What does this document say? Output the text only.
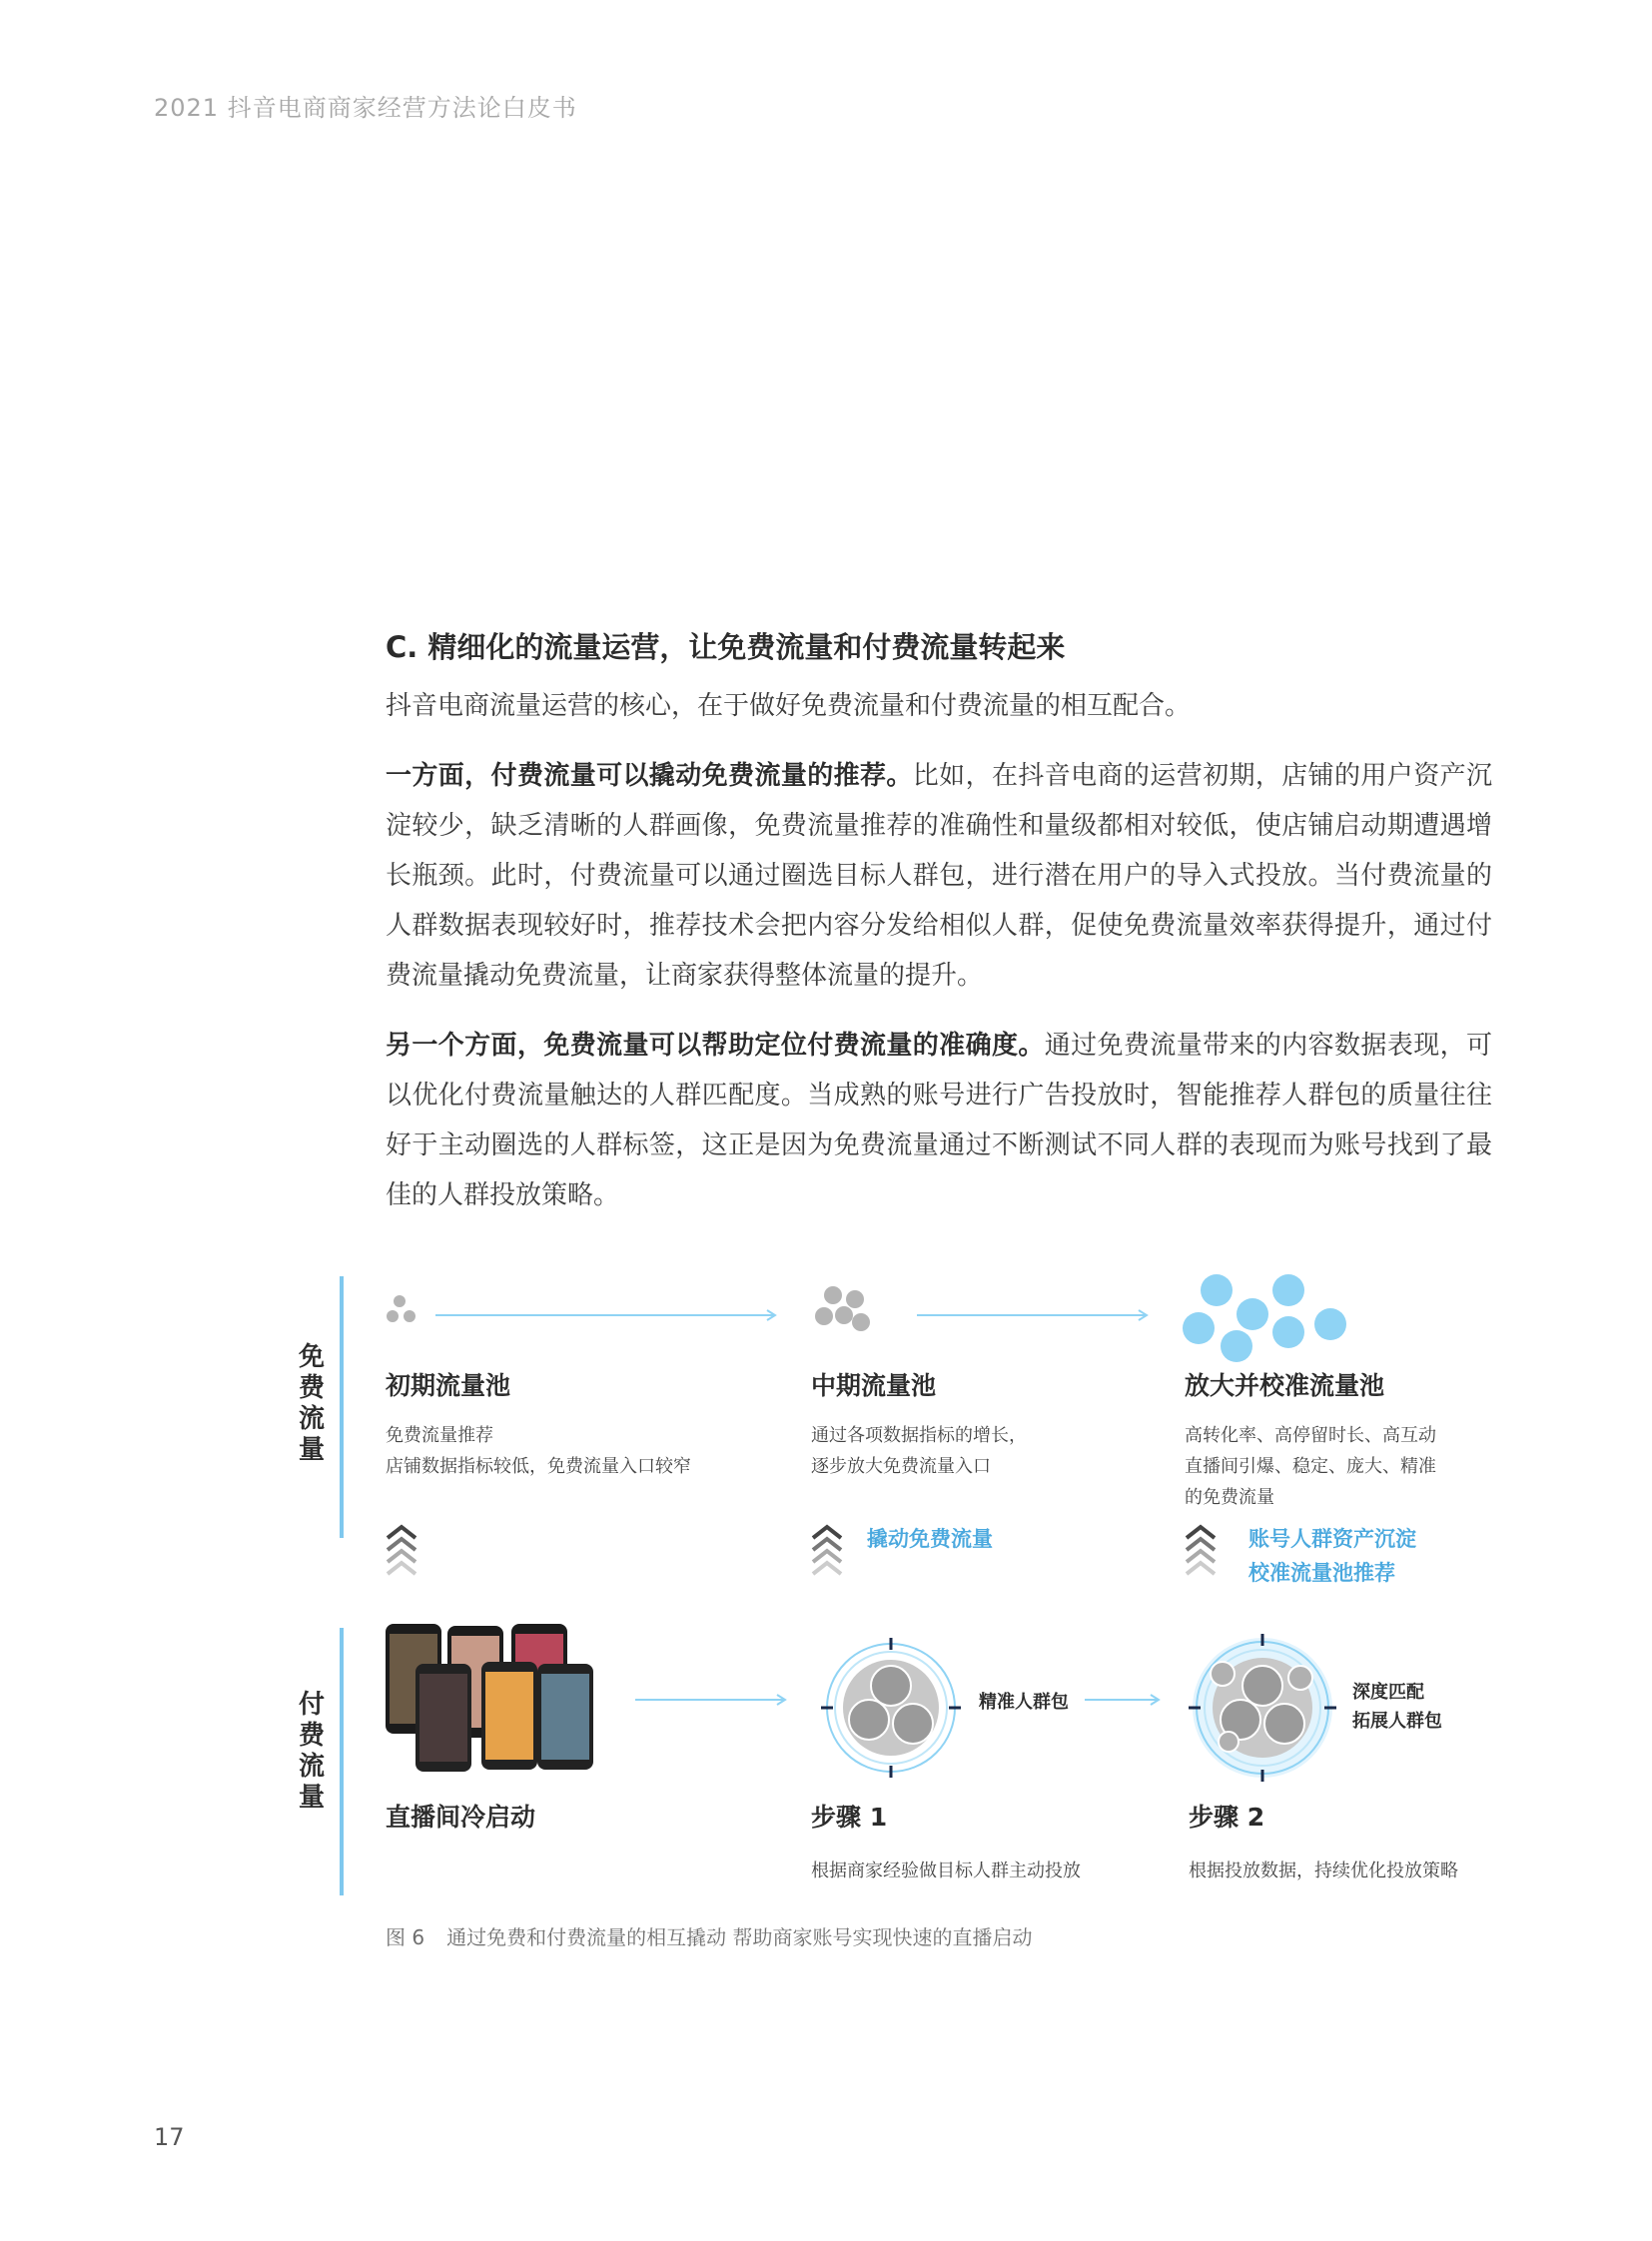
2021 抖音电商商家经营方法论白皮书
C. 精细化的流量运营，让免费流量和付费流量转起来
抖音电商流量运营的核心，在于做好免费流量和付费流量的相互配合。
一方面，付费流量可以撬动免费流量的推荐。比如，在抖音电商的运营初期，店铺的用户资产沉淀较少，缺乏清晰的人群画像，免费流量推荐的准确性和量级都相对较低，使店铺启动期遭遇增长瓶颈。此时，付费流量可以通过圈选目标人群包，进行潜在用户的导入式投放。当付费流量的人群数据表现较好时，推荐技术会把内容分发给相似人群，促使免费流量效率获得提升，通过付费流量撬动免费流量，让商家获得整体流量的提升。
另一个方面，免费流量可以帮助定位付费流量的准确度。通过免费流量带来的内容数据表现，可以优化付费流量触达的人群匹配度。当成熟的账号进行广告投放时，智能推荐人群包的质量往往好于主动圈选的人群标签，这正是因为免费流量通过不断测试不同人群的表现而为账号找到了最佳的人群投放策略。
免费流量
付费流量
初期流量池
免费流量推荐
店铺数据指标较低，免费流量入口较窄
中期流量池
通过各项数据指标的增长，
逐步放大免费流量入口
放大并校准流量池
高转化率、高停留时长、高互动
直播间引爆、稳定、庞大、精准
的免费流量
撬动免费流量	账号人群资产沉淀
校准流量池推荐
精准人群包	深度匹配
拓展人群包
直播间冷启动	步骤 1
根据商家经验做目标人群主动投放
步骤 2
根据投放数据，持续优化投放策略
图 6 通过免费和付费流量的相互撬动 帮助商家账号实现快速的直播启动
17
